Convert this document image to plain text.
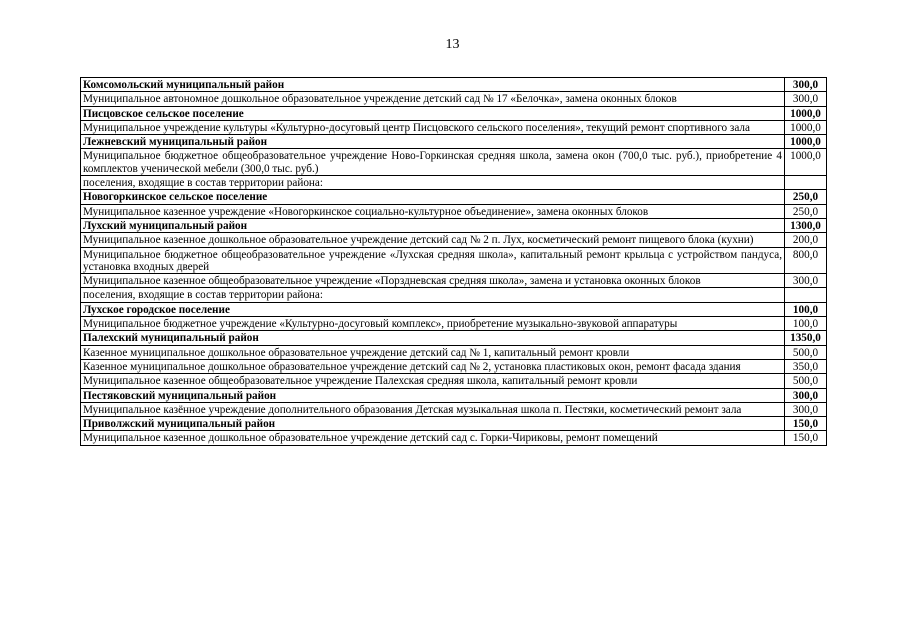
13
Комсомольский муниципальный район	300,0
Муниципальное автономное дошкольное образовательное учреждение детский сад № 17 «Белочка», замена оконных блоков	300,0
Писцовское сельское поселение	1000,0
Муниципальное учреждение культуры «Культурно-досуговый центр Писцовского сельского поселения», текущий ремонт спортивного зала	1000,0
Лежневский муниципальный район	1000,0
Муниципальное бюджетное общеобразовательное учреждение Ново-Горкинская средняя школа, замена окон (700,0 тыс. руб.), приобретение 4 комплектов ученической мебели (300,0 тыс. руб.)	1000,0
поселения, входящие в состав территории района:	
Новогоркинское сельское поселение	250,0
Муниципальное казенное учреждение «Новогоркинское социально-культурное объединение», замена оконных блоков	250,0
Лухский муниципальный район	1300,0
Муниципальное казенное дошкольное образовательное учреждение детский сад № 2 п. Лух, косметический ремонт пищевого блока (кухни)	200,0
Муниципальное бюджетное общеобразовательное учреждение «Лухская средняя школа», капитальный ремонт крыльца с устройством пандуса, установка входных дверей	800,0
Муниципальное казенное общеобразовательное учреждение «Порздневская средняя школа», замена и установка оконных блоков	300,0
поселения, входящие в состав территории района:	
Лухское городское поселение	100,0
Муниципальное бюджетное учреждение «Культурно-досуговый комплекс», приобретение музыкально-звуковой аппаратуры	100,0
Палехский муниципальный район	1350,0
Казенное муниципальное дошкольное образовательное учреждение детский сад № 1, капитальный ремонт кровли	500,0
Казенное муниципальное дошкольное образовательное учреждение детский сад № 2, установка пластиковых окон, ремонт фасада здания	350,0
Муниципальное казенное общеобразовательное учреждение Палехская средняя школа, капитальный ремонт кровли	500,0
Пестяковский муниципальный район	300,0
Муниципальное казённое учреждение дополнительного образования Детская музыкальная школа п. Пестяки, косметический ремонт зала	300,0
Приволжский муниципальный район	150,0
Муниципальное казенное дошкольное образовательное учреждение детский сад с. Горки-Чириковы, ремонт помещений	150,0
